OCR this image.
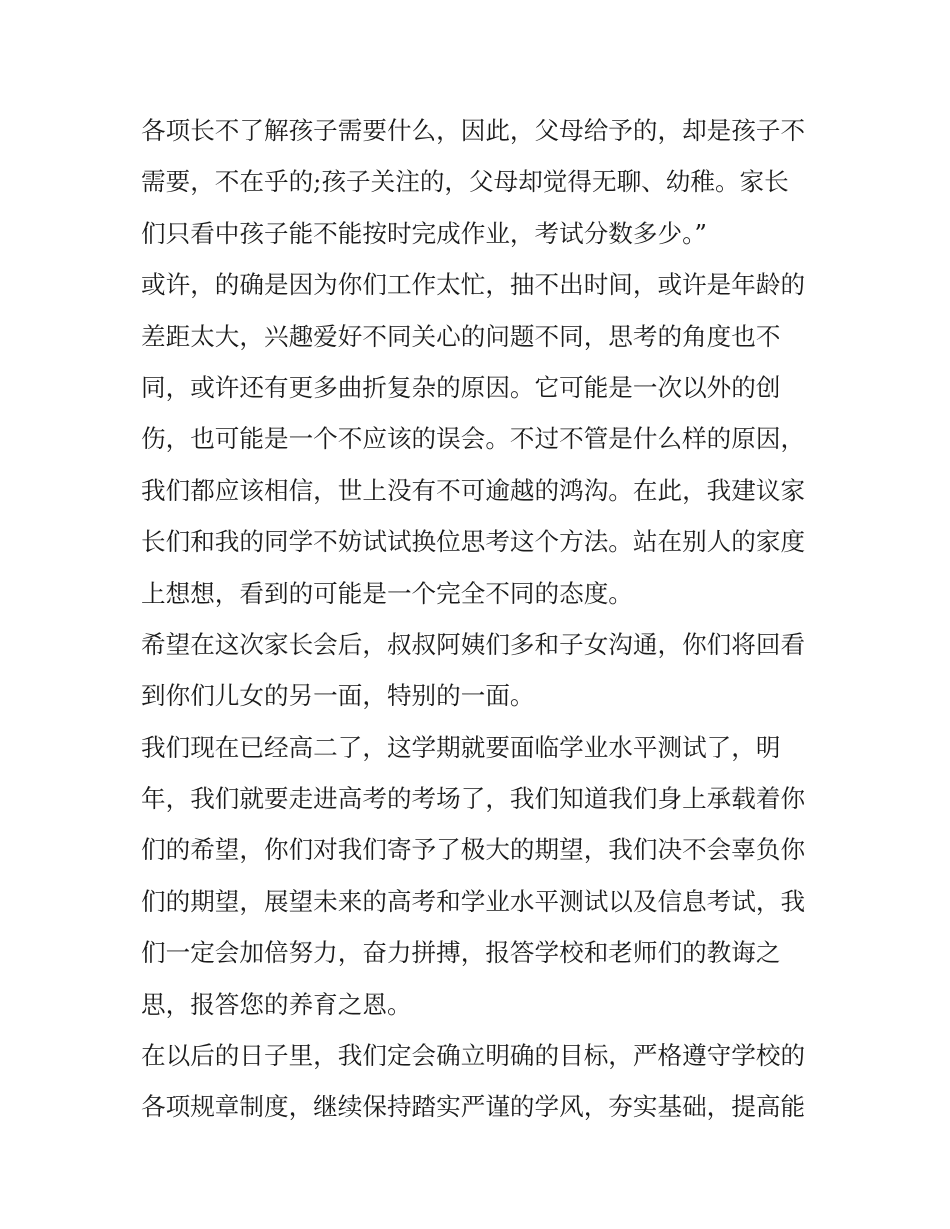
各项长不了解孩子需要什么，因此，父母给予的，却是孩子不
需要，不在乎的;孩子关注的，父母却觉得无聊、幼稚。家长
们只看中孩子能不能按时完成作业，考试分数多少。”
或许，的确是因为你们工作太忙，抽不出时间，或许是年龄的
差距太大，兴趣爱好不同关心的问题不同，思考的角度也不
同，或许还有更多曲折复杂的原因。它可能是一次以外的创
伤，也可能是一个不应该的误会。不过不管是什么样的原因，
我们都应该相信，世上没有不可逾越的鸿沟。在此，我建议家
长们和我的同学不妨试试换位思考这个方法。站在别人的家度
上想想，看到的可能是一个完全不同的态度。
希望在这次家长会后，叔叔阿姨们多和子女沟通，你们将回看
到你们儿女的另一面，特别的一面。
我们现在已经高二了，这学期就要面临学业水平测试了，明
年，我们就要走进高考的考场了，我们知道我们身上承载着你
们的希望，你们对我们寄予了极大的期望，我们决不会辜负你
们的期望，展望未来的高考和学业水平测试以及信息考试，我
们一定会加倍努力，奋力拼搏，报答学校和老师们的教诲之
思，报答您的养育之恩。
在以后的日子里，我们定会确立明确的目标，严格遵守学校的
各项规章制度，继续保持踏实严谨的学风，夯实基础，提高能
